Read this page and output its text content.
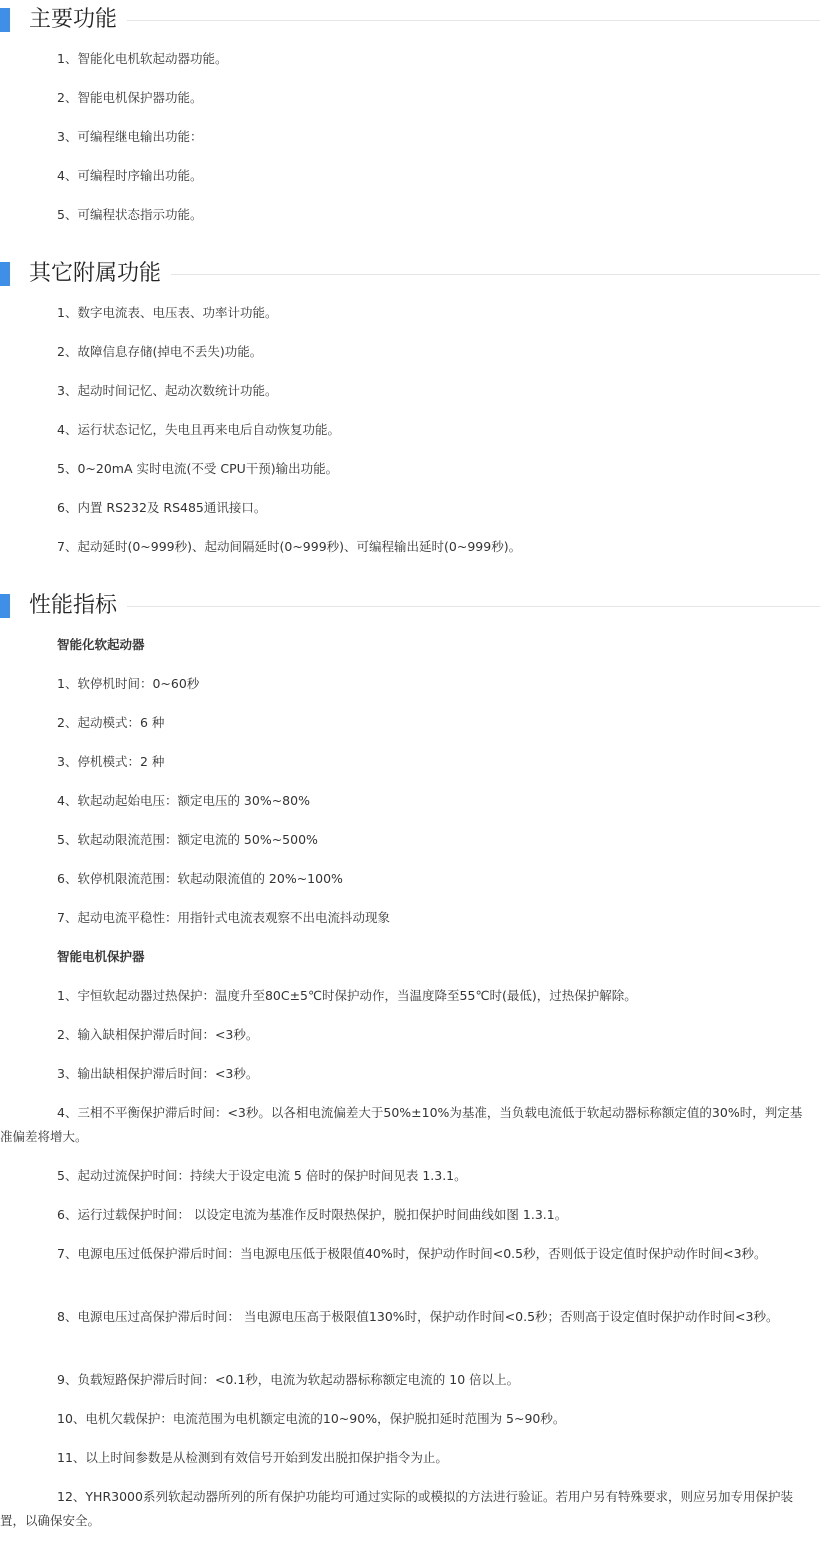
主要功能
1、智能化电机软起动器功能。
2、智能电机保护器功能。
3、可编程继电输出功能：
4、可编程时序输出功能。
5、可编程状态指示功能。
其它附属功能
1、数字电流表、电压表、功率计功能。
2、故障信息存储(掉电不丢失)功能。
3、起动时间记忆、起动次数统计功能。
4、运行状态记忆，失电且再来电后自动恢复功能。
5、0~20mA 实时电流(不受 CPU干预)输出功能。
6、内置 RS232及 RS485通讯接口。
7、起动延时(0~999秒)、起动间隔延时(0~999秒)、可编程输出延时(0~999秒)。
性能指标
智能化软起动器
1、软停机时间：0~60秒
2、起动模式：6 种
3、停机模式：2 种
4、软起动起始电压：额定电压的 30%~80%
5、软起动限流范围：额定电流的 50%~500%
6、软停机限流范围：软起动限流值的 20%~100%
7、起动电流平稳性：用指针式电流表观察不出电流抖动现象
智能电机保护器
1、宇恒软起动器过热保护：温度升至80C±5℃时保护动作，当温度降至55℃时(最低)，过热保护解除。
2、输入缺相保护滞后时间：<3秒。
3、输出缺相保护滞后时间：<3秒。
4、三相不平衡保护滞后时间：<3秒。以各相电流偏差大于50%±10%为基准，当负载电流低于软起动器标称额定值的30%时，判定基准偏差将增大。
5、起动过流保护时间：持续大于设定电流 5 倍时的保护时间见表 1.3.1。
6、运行过载保护时间： 以设定电流为基准作反时限热保护，脱扣保护时间曲线如图 1.3.1。
7、电源电压过低保护滞后时间：当电源电压低于极限值40%时，保护动作时间<0.5秒，否则低于设定值时保护动作时间<3秒。
8、电源电压过高保护滞后时间： 当电源电压高于极限值130%时，保护动作时间<0.5秒；否则高于设定值时保护动作时间<3秒。
9、负载短路保护滞后时间：<0.1秒，电流为软起动器标称额定电流的 10 倍以上。
10、电机欠载保护：电流范围为电机额定电流的10~90%，保护脱扣延时范围为 5~90秒。
11、以上时间参数是从检测到有效信号开始到发出脱扣保护指令为止。
12、YHR3000系列软起动器所列的所有保护功能均可通过实际的或模拟的方法进行验证。若用户另有特殊要求，则应另加专用保护装置，以确保安全。
